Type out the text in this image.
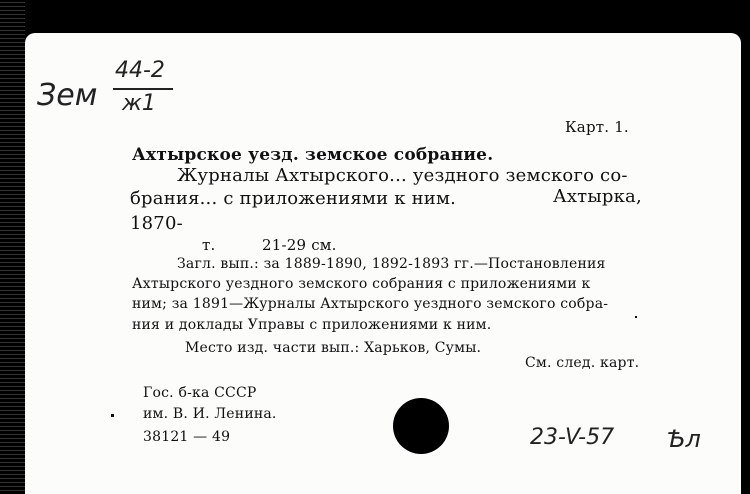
Зем
44-2
ж1
Карт. 1.
Ахтырское уезд. земское собрание.
Журналы Ахтырского... уездного земского со-
брания... с приложениями к ним.	Ахтырка,
1870-
т.	21-29 см.
Загл. вып.: за 1889-1890, 1892-1893 гг.—Постановления
Ахтырского уездного земского собрания с приложениями к
ним; за 1891—Журналы Ахтырского уездного земского собра-
ния и доклады Управы с приложениями к ним.
Место изд. части вып.: Харьков, Сумы.
См. след. карт.
Гос. б-ка СССР
им. В. И. Ленина.
38121 — 49	23-V-57 Ѣл
